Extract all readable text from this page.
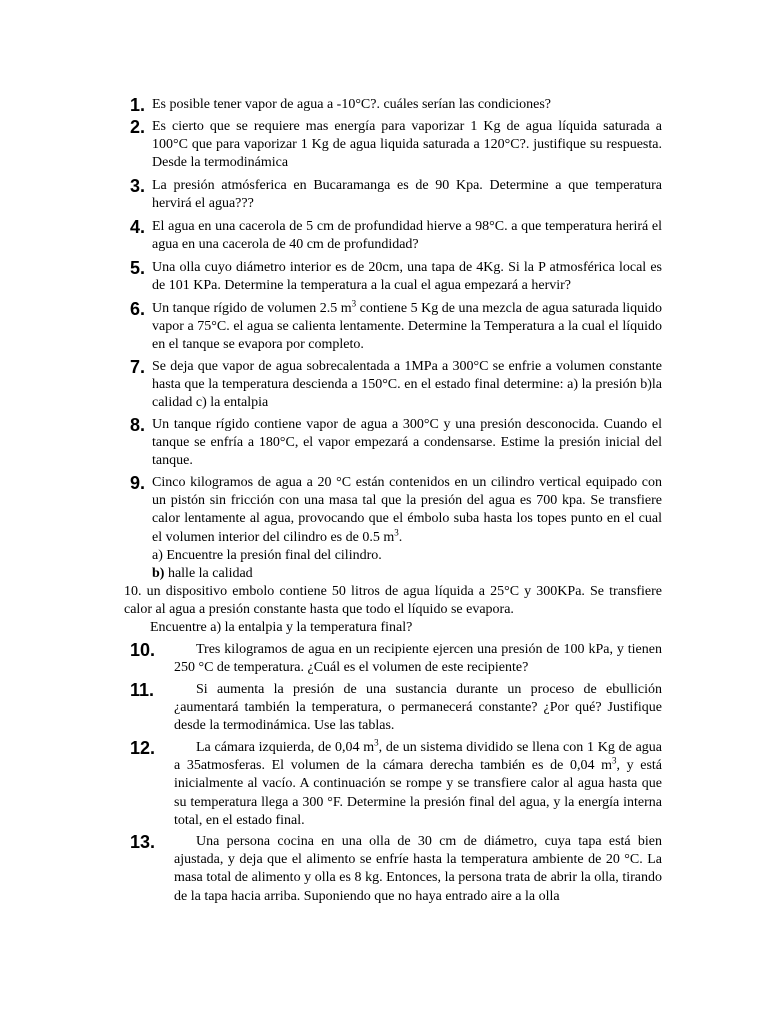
1. Es posible tener vapor de agua a -10°C?. cuáles serían las condiciones?
2. Es cierto que se requiere mas energía para vaporizar 1 Kg de agua líquida saturada a 100°C que para vaporizar 1 Kg de agua liquida saturada a 120°C?. justifique su respuesta. Desde la termodinámica
3. La presión atmósferica en Bucaramanga es de 90 Kpa. Determine a que temperatura hervirá el agua???
4. El agua en una cacerola de 5 cm de profundidad hierve a 98°C. a que temperatura herirá el agua en una cacerola de 40 cm de profundidad?
5. Una olla cuyo diámetro interior es de 20cm, una tapa de 4Kg. Si la P atmosférica local es de 101 KPa. Determine la temperatura a la cual el agua empezará a hervir?
6. Un tanque rígido de volumen 2.5 $m^3$ contiene 5 Kg de una mezcla de agua saturada liquido vapor a 75°C. el agua se calienta lentamente. Determine la Temperatura a la cual el líquido en el tanque se evapora por completo.
7. Se deja que vapor de agua sobrecalentada a 1MPa a 300°C se enfrie a volumen constante hasta que la temperatura descienda a 150°C. en el estado final determine: a) la presión b)la calidad c) la entalpia
8. Un tanque rígido contiene vapor de agua a 300°C y una presión desconocida. Cuando el tanque se enfría a 180°C, el vapor empezará a condensarse. Estime la presión inicial del tanque.
9. Cinco kilogramos de agua a 20 °C están contenidos en un cilindro vertical equipado con un pistón sin fricción con una masa tal que la presión del agua es 700 kpa. Se transfiere calor lentamente al agua, provocando que el émbolo suba hasta los topes punto en el cual el volumen interior del cilindro es de 0.5 $m^3$.
a) Encuentre la presión final del cilindro.
b) halle la calidad
10. un dispositivo embolo contiene 50 litros de agua líquida a 25°C y 300KPa. Se transfiere calor al agua a presión constante hasta que todo el líquido se evapora.
Encuentre a) la entalpia y la temperatura final?
10.	Tres kilogramos de agua en un recipiente ejercen una presión de 100 kPa, y tienen 250 °C de temperatura. ¿Cuál es el volumen de este recipiente?
11.	Si aumenta la presión de una sustancia durante un proceso de ebullición ¿aumentará también la temperatura, o permanecerá constante? ¿Por qué? Justifique desde la termodinámica. Use las tablas.
12.	La cámara izquierda, de 0,04 $m^3$, de un sistema dividido se llena con 1 Kg de agua a 35atmosferas. El volumen de la cámara derecha también es de 0,04 $m^3$, y está inicialmente al vacío. A continuación se rompe y se transfiere calor al agua hasta que su temperatura llega a 300 °F. Determine la presión final del agua, y la energía interna total, en el estado final.
13.	Una persona cocina en una olla de 30 cm de diámetro, cuya tapa está bien ajustada, y deja que el alimento se enfríe hasta la temperatura ambiente de 20 °C. La masa total de alimento y olla es 8 kg. Entonces, la persona trata de abrir la olla, tirando de la tapa hacia arriba. Suponiendo que no haya entrado aire a la olla
